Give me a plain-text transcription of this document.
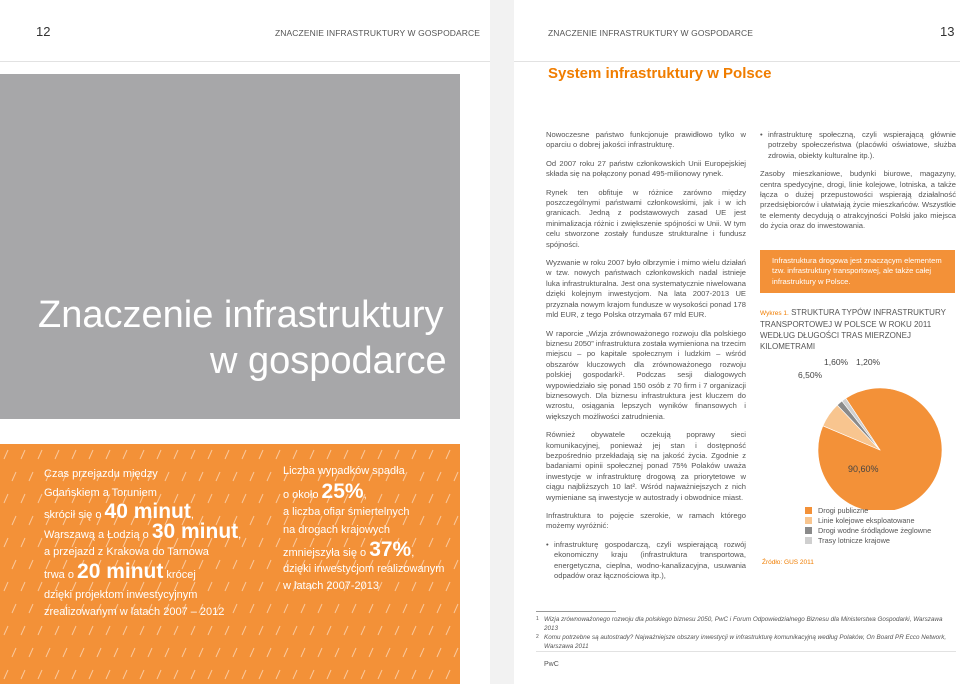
12	ZNACZENIE INFRASTRUKTURY W GOSPODARCE	ZNACZENIE INFRASTRUKTURY W GOSPODARCE	13
Znaczenie infrastruktury
w gospodarce
Czas przejazdu między
Gdańskiem a Toruniem
skrócił się o 40 minut,
Warszawą a Łodzią o 30 minut,
a przejazd z Krakowa do Tarnowa
trwa o 20 minut krócej
dzięki projektom inwestycyjnym
zrealizowanym w latach 2007 – 2012
Liczba wypadków spadła
o około 25%,
a liczba ofiar śmiertelnych
na drogach krajowych
zmniejszyła się o 37%,
dzięki inwestycjom realizowanym
w latach 2007-2013
System infrastruktury w Polsce

Nowoczesne państwo funkcjonuje prawidłowo tylko w oparciu o dobrej jakości infrastrukturę.

Od 2007 roku 27 państw członkowskich Unii Europejskiej składa się na połączony ponad 495-milionowy rynek.

Rynek ten obfituje w różnice zarówno między poszczególnymi państwami członkowskimi, jak i w ich granicach. Jedną z podstawowych zasad UE jest minimalizacja różnic i zwiększenie spójności w Unii. W tym celu stworzone zostały fundusze strukturalne i fundusz spójności.

Wyzwanie w roku 2007 było olbrzymie i mimo wielu działań w tzw. nowych państwach członkowskich nadal istnieje luka infrastrukturalna. Jest ona systematycznie niwelowana dzięki kolejnym inwestycjom. Na lata 2007-2013 UE przyznała nowym krajom fundusze w wysokości ponad 178 mld EUR, z tego Polska otrzymała 67 mld EUR.

W raporcie „Wizja zrównoważonego rozwoju dla polskiego biznesu 2050” infrastruktura została wymieniona na trzecim miejscu – po kapitale społecznym i ludzkim – wśród obszarów kluczowych dla zrównoważonego rozwoju polskiej gospodarki¹. Podczas sesji dialogowych wypowiedziało się ponad 150 osób z 70 firm i 7 organizacji biznesowych. Dla biznesu infrastruktura jest kluczem do wzrostu, osiągania lepszych wyników finansowych i większych możliwości zatrudnienia.

Również obywatele oczekują poprawy sieci komunikacyjnej, ponieważ jej stan i dostępność bezpośrednio przekładają się na jakość życia. Zgodnie z badaniami opinii społecznej ponad 75% Polaków uważa inwestycje w infrastrukturę drogową za priorytetowe w ciągu najbliższych 10 lat². Wśród najważniejszych z nich wymieniane są inwestycje w autostrady i obwodnice miast.

Infrastruktura to pojęcie szerokie, w ramach którego możemy wyróżnić:

• infrastrukturę gospodarczą, czyli wspierającą rozwój ekonomiczny kraju (infrastruktura transportowa, energetyczna, cieplna, wodno-kanalizacyjna, usuwania odpadów oraz łącznościowa itp.),
• infrastrukturę społeczną, czyli wspierającą głównie potrzeby społeczeństwa (placówki oświatowe, służba zdrowia, obiekty kulturalne itp.).

Zasoby mieszkaniowe, budynki biurowe, magazyny, centra spedycyjne, drogi, linie kolejowe, lotniska, a także łącza o dużej przepustowości wspierają działalność przedsiębiorców i ułatwiają życie mieszkańców. Wszystkie te elementy decydują o atrakcyjności Polski jako miejsca do życia oraz do inwestowania.

Infrastruktura drogowa jest znaczącym elementem tzw. infrastruktury transportowej, ale także całej infrastruktury w Polsce.
Wykres 1. STRUKTURA TYPÓW INFRASTRUKTURY TRANSPORTOWEJ W POLSCE W ROKU 2011 WEDŁUG DŁUGOŚCI TRAS MIERZONEJ KILOMETRAMI
90,60%
6,50%
1,60% 1,20%
Drogi publiczne
Linie kolejowe eksploatowane
Drogi wodne śródlądowe żeglowne
Trasy lotnicze krajowe
Źródło: GUS 2011
1 Wizja zrównoważonego rozwoju dla polskiego biznesu 2050, PwC i Forum Odpowiedzialnego Biznesu dla Ministerstwa Gospodarki, Warszawa 2013
2 Komu potrzebne są autostrady? Najważniejsze obszary inwestycji w infrastrukturę komunikacyjną według Polaków, On Board PR Ecco Network, Warszawa 2011
PwC
